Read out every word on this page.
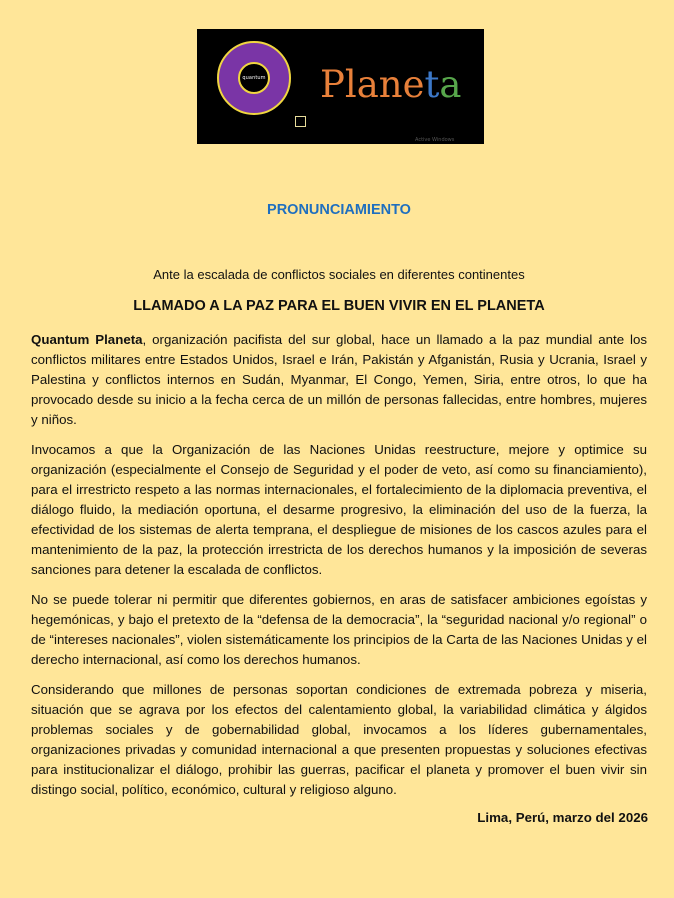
quantum Planeta
Active Windows
PRONUNCIAMIENTO
Ante la escalada de conflictos sociales en diferentes continentes
LLAMADO A LA PAZ PARA EL BUEN VIVIR EN EL PLANETA

Quantum Planeta, organización pacifista del sur global, hace un llamado a la paz mundial ante los conflictos militares entre Estados Unidos, Israel e Irán, Pakistán y Afganistán, Rusia y Ucrania, Israel y Palestina y conflictos internos en Sudán, Myanmar, El Congo, Yemen, Siria, entre otros, lo que ha provocado desde su inicio a la fecha cerca de un millón de personas fallecidas, entre hombres, mujeres y niños.

Invocamos a que la Organización de las Naciones Unidas reestructure, mejore y optimice su organización (especialmente el Consejo de Seguridad y el poder de veto, así como su financiamiento), para el irrestricto respeto a las normas internacionales, el fortalecimiento de la diplomacia preventiva, el diálogo fluido, la mediación oportuna, el desarme progresivo, la eliminación del uso de la fuerza, la efectividad de los sistemas de alerta temprana, el despliegue de misiones de los cascos azules para el mantenimiento de la paz, la protección irrestricta de los derechos humanos y la imposición de severas sanciones para detener la escalada de conflictos.

No se puede tolerar ni permitir que diferentes gobiernos, en aras de satisfacer ambiciones egoístas y hegemónicas, y bajo el pretexto de la “defensa de la democracia”, la “seguridad nacional y/o regional” o de “intereses nacionales”, violen sistemáticamente los principios de la Carta de las Naciones Unidas y el derecho internacional, así como los derechos humanos.

Considerando que millones de personas soportan condiciones de extremada pobreza y miseria, situación que se agrava por los efectos del calentamiento global, la variabilidad climática y álgidos problemas sociales y de gobernabilidad global, invocamos a los líderes gubernamentales, organizaciones privadas y comunidad internacional a que presenten propuestas y soluciones efectivas para institucionalizar el diálogo, prohibir las guerras, pacificar el planeta y promover el buen vivir sin distingo social, político, económico, cultural y religioso alguno.

Lima, Perú, marzo del 2026
